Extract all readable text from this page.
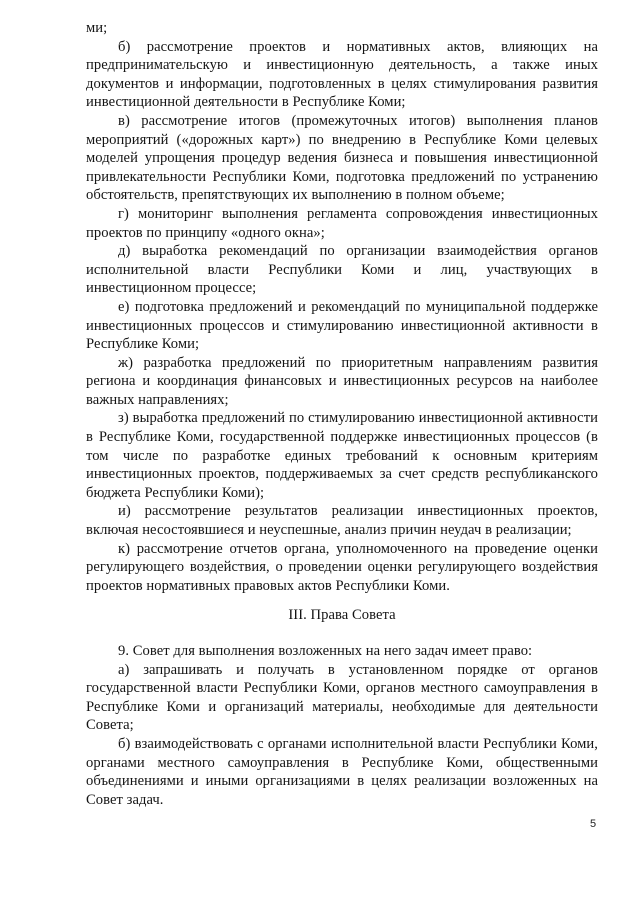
ми;

б) рассмотрение проектов и нормативных актов, влияющих на предпринимательскую и инвестиционную деятельность, а также иных документов и информации, подготовленных в целях стимулирования развития инвестиционной деятельности в Республике Коми;

в) рассмотрение итогов (промежуточных итогов) выполнения планов мероприятий («дорожных карт») по внедрению в Республике Коми целевых моделей упрощения процедур ведения бизнеса и повышения инвестиционной привлекательности Республики Коми, подготовка предложений по устранению обстоятельств, препятствующих их выполнению в полном объеме;

г) мониторинг выполнения регламента сопровождения инвестиционных проектов по принципу «одного окна»;

д) выработка рекомендаций по организации взаимодействия органов исполнительной власти Республики Коми и лиц, участвующих в инвестиционном процессе;

е) подготовка предложений и рекомендаций по муниципальной поддержке инвестиционных процессов и стимулированию инвестиционной активности в Республике Коми;

ж) разработка предложений по приоритетным направлениям развития региона и координация финансовых и инвестиционных ресурсов на наиболее важных направлениях;

з) выработка предложений по стимулированию инвестиционной активности в Республике Коми, государственной поддержке инвестиционных процессов (в том числе по разработке единых требований к основным критериям инвестиционных проектов, поддерживаемых за счет средств республиканского бюджета Республики Коми);

и) рассмотрение результатов реализации инвестиционных проектов, включая несостоявшиеся и неуспешные, анализ причин неудач в реализации;

к) рассмотрение отчетов органа, уполномоченного на проведение оценки регулирующего воздействия, о проведении оценки регулирующего воздействия проектов нормативных правовых актов Республики Коми.

III. Права Совета

9. Совет для выполнения возложенных на него задач имеет право:

а) запрашивать и получать в установленном порядке от органов государственной власти Республики Коми, органов местного самоуправления в Республике Коми и организаций материалы, необходимые для деятельности Совета;

б) взаимодействовать с органами исполнительной власти Республики Коми, органами местного самоуправления в Республике Коми, общественными объединениями и иными организациями в целях реализации возложенных на Совет задач.

5
